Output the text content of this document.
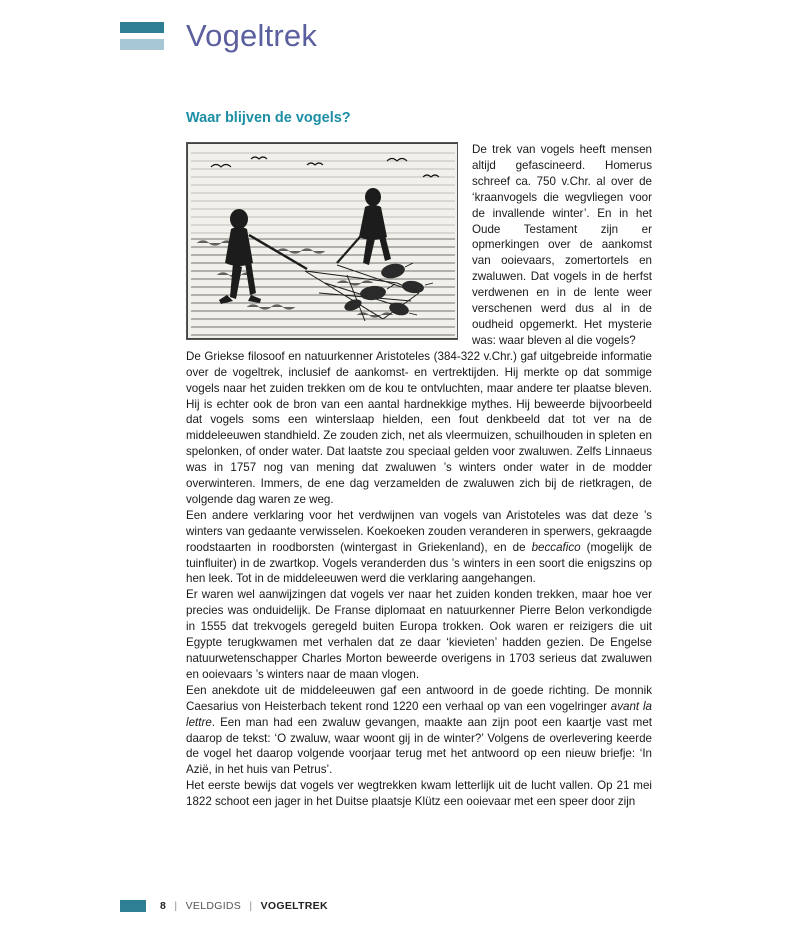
Vogeltrek
Waar blijven de vogels?

De trek van vogels heeft mensen altijd gefascineerd. Homerus schreef ca. 750 v.Chr. al over de ‘kraanvogels die wegvliegen voor de invallende winter’. En in het Oude Testament zijn er opmerkingen over de aankomst van ooievaars, zomertortels en zwaluwen. Dat vogels in de herfst verdwenen en in de lente weer verschenen werd dus al in de oudheid opgemerkt. Het mysterie was: waar bleven al die vogels?

De Griekse filosoof en natuurkenner Aristoteles (384-322 v.Chr.) gaf uitgebreide informatie over de vogeltrek, inclusief de aankomst- en vertrektijden. Hij merkte op dat sommige vogels naar het zuiden trekken om de kou te ontvluchten, maar andere ter plaatse bleven. Hij is echter ook de bron van een aantal hardnekkige mythes. Hij beweerde bijvoorbeeld dat vogels soms een winterslaap hielden, een fout denkbeeld dat tot ver na de middeleeuwen standhield. Ze zouden zich, net als vleermuizen, schuilhouden in spleten en spelonken, of onder water. Dat laatste zou speciaal gelden voor zwaluwen. Zelfs Linnaeus was in 1757 nog van mening dat zwaluwen ’s winters onder water in de modder overwinteren. Immers, de ene dag verzamelden de zwaluwen zich bij de rietkragen, de volgende dag waren ze weg.

Een andere verklaring voor het verdwijnen van vogels van Aristoteles was dat deze ’s winters van gedaante verwisselen. Koekoeken zouden veranderen in sperwers, gekraagde roodstaarten in roodborsten (wintergast in Griekenland), en de beccafico (mogelijk de tuinfluiter) in de zwartkop. Vogels veranderden dus ’s winters in een soort die enigszins op hen leek. Tot in de middeleeuwen werd die verklaring aangehangen.

Er waren wel aanwijzingen dat vogels ver naar het zuiden konden trekken, maar hoe ver precies was onduidelijk. De Franse diplomaat en natuurkenner Pierre Belon verkondigde in 1555 dat trekvogels geregeld buiten Europa trokken. Ook waren er reizigers die uit Egypte terugkwamen met verhalen dat ze daar ‘kievieten’ hadden gezien. De Engelse natuurwetenschapper Charles Morton beweerde overigens in 1703 serieus dat zwaluwen en ooievaars ’s winters naar de maan vlogen.

Een anekdote uit de middeleeuwen gaf een antwoord in de goede richting. De monnik Caesarius von Heisterbach tekent rond 1220 een verhaal op van een vogelringer avant la lettre. Een man had een zwaluw gevangen, maakte aan zijn poot een kaartje vast met daarop de tekst: ‘O zwaluw, waar woont gij in de winter?’ Volgens de overlevering keerde de vogel het daarop volgende voorjaar terug met het antwoord op een nieuw briefje: ‘In Azië, in het huis van Petrus’.

Het eerste bewijs dat vogels ver wegtrekken kwam letterlijk uit de lucht vallen. Op 21 mei 1822 schoot een jager in het Duitse plaatsje Klütz een ooievaar met een speer door zijn

8 | VELDGIDS | VOGELTREK
